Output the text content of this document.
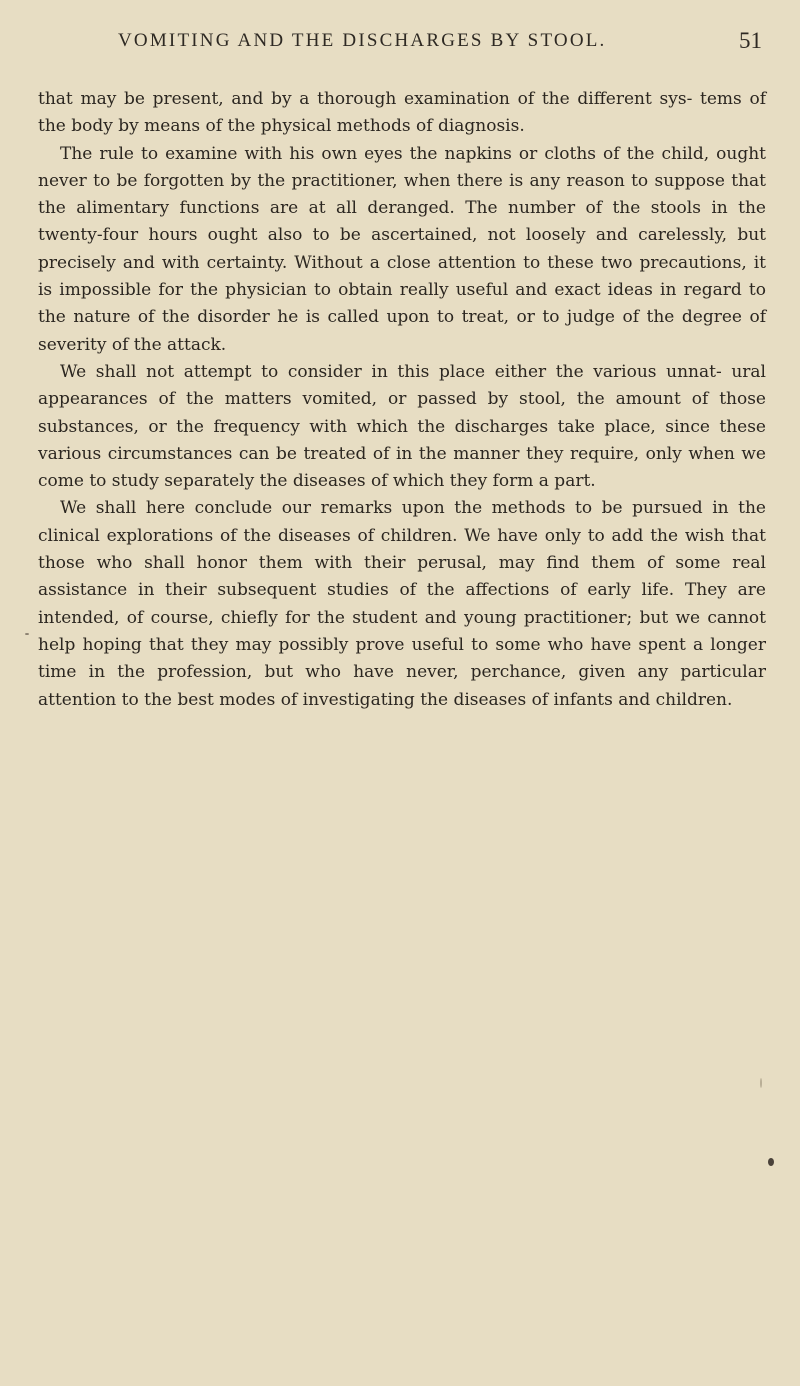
VOMITING AND THE DISCHARGES BY STOOL.	51

that may be present, and by a thorough examination of the different sys- tems of the body by means of the physical methods of diagnosis.

The rule to examine with his own eyes the napkins or cloths of the child, ought never to be forgotten by the practitioner, when there is any reason to suppose that the alimentary functions are at all deranged. The number of the stools in the twenty-four hours ought also to be ascertained, not loosely and carelessly, but precisely and with certainty. Without a close attention to these two precautions, it is impossible for the physician to obtain really useful and exact ideas in regard to the nature of the disorder he is called upon to treat, or to judge of the degree of severity of the attack.

We shall not attempt to consider in this place either the various unnat- ural appearances of the matters vomited, or passed by stool, the amount of those substances, or the frequency with which the discharges take place, since these various circumstances can be treated of in the manner they require, only when we come to study separately the diseases of which they form a part.

We shall here conclude our remarks upon the methods to be pursued in the clinical explorations of the diseases of children. We have only to add the wish that those who shall honor them with their perusal, may find them of some real assistance in their subsequent studies of the affections of early life. They are intended, of course, chiefly for the student and young practitioner; but we cannot help hoping that they may possibly prove useful to some who have spent a longer time in the profession, but who have never, perchance, given any particular attention to the best modes of investigating the diseases of infants and children.
